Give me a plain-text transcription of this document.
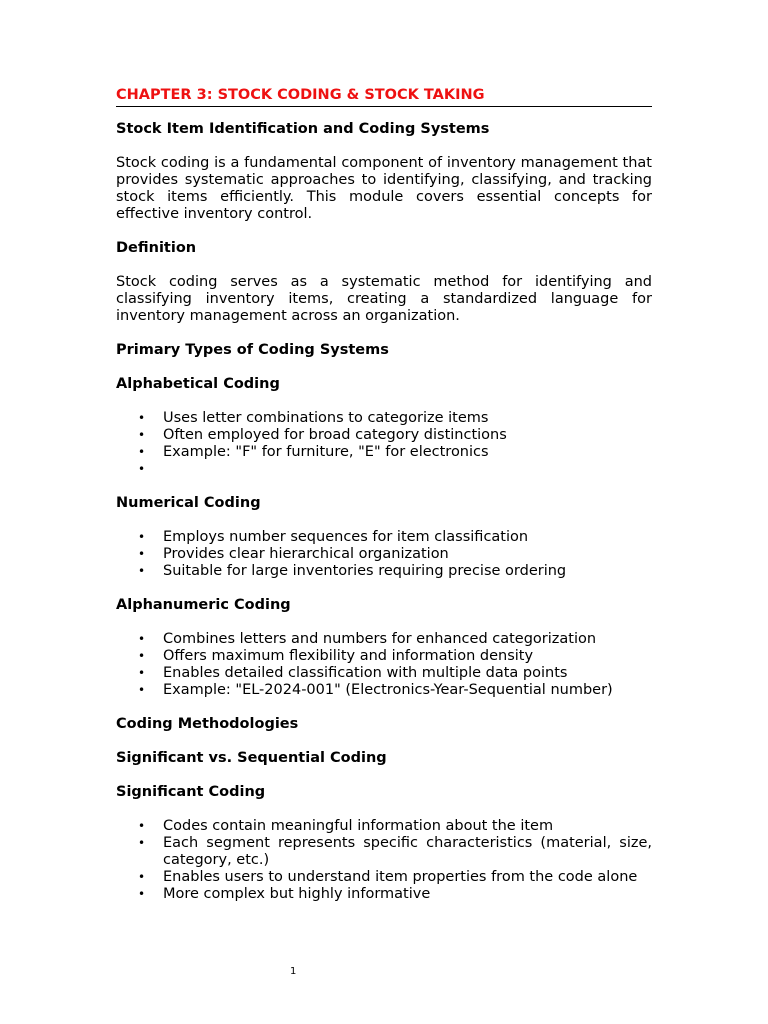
CHAPTER 3: STOCK CODING & STOCK TAKING
Stock Item Identification and Coding Systems

Stock coding is a fundamental component of inventory management that provides systematic approaches to identifying, classifying, and tracking stock items efficiently. This module covers essential concepts for effective inventory control.

Definition

Stock coding serves as a systematic method for identifying and classifying inventory items, creating a standardized language for inventory management across an organization.

Primary Types of Coding Systems
Alphabetical Coding
• Uses letter combinations to categorize items
• Often employed for broad category distinctions
• Example: "F" for furniture, "E" for electronics
•
Numerical Coding
• Employs number sequences for item classification
• Provides clear hierarchical organization
• Suitable for large inventories requiring precise ordering
Alphanumeric Coding
• Combines letters and numbers for enhanced categorization
• Offers maximum flexibility and information density
• Enables detailed classification with multiple data points
• Example: "EL-2024-001" (Electronics-Year-Sequential number)
Coding Methodologies
Significant vs. Sequential Coding
Significant Coding
• Codes contain meaningful information about the item
• Each segment represents specific characteristics (material, size, category, etc.)
• Enables users to understand item properties from the code alone
• More complex but highly informative
1
